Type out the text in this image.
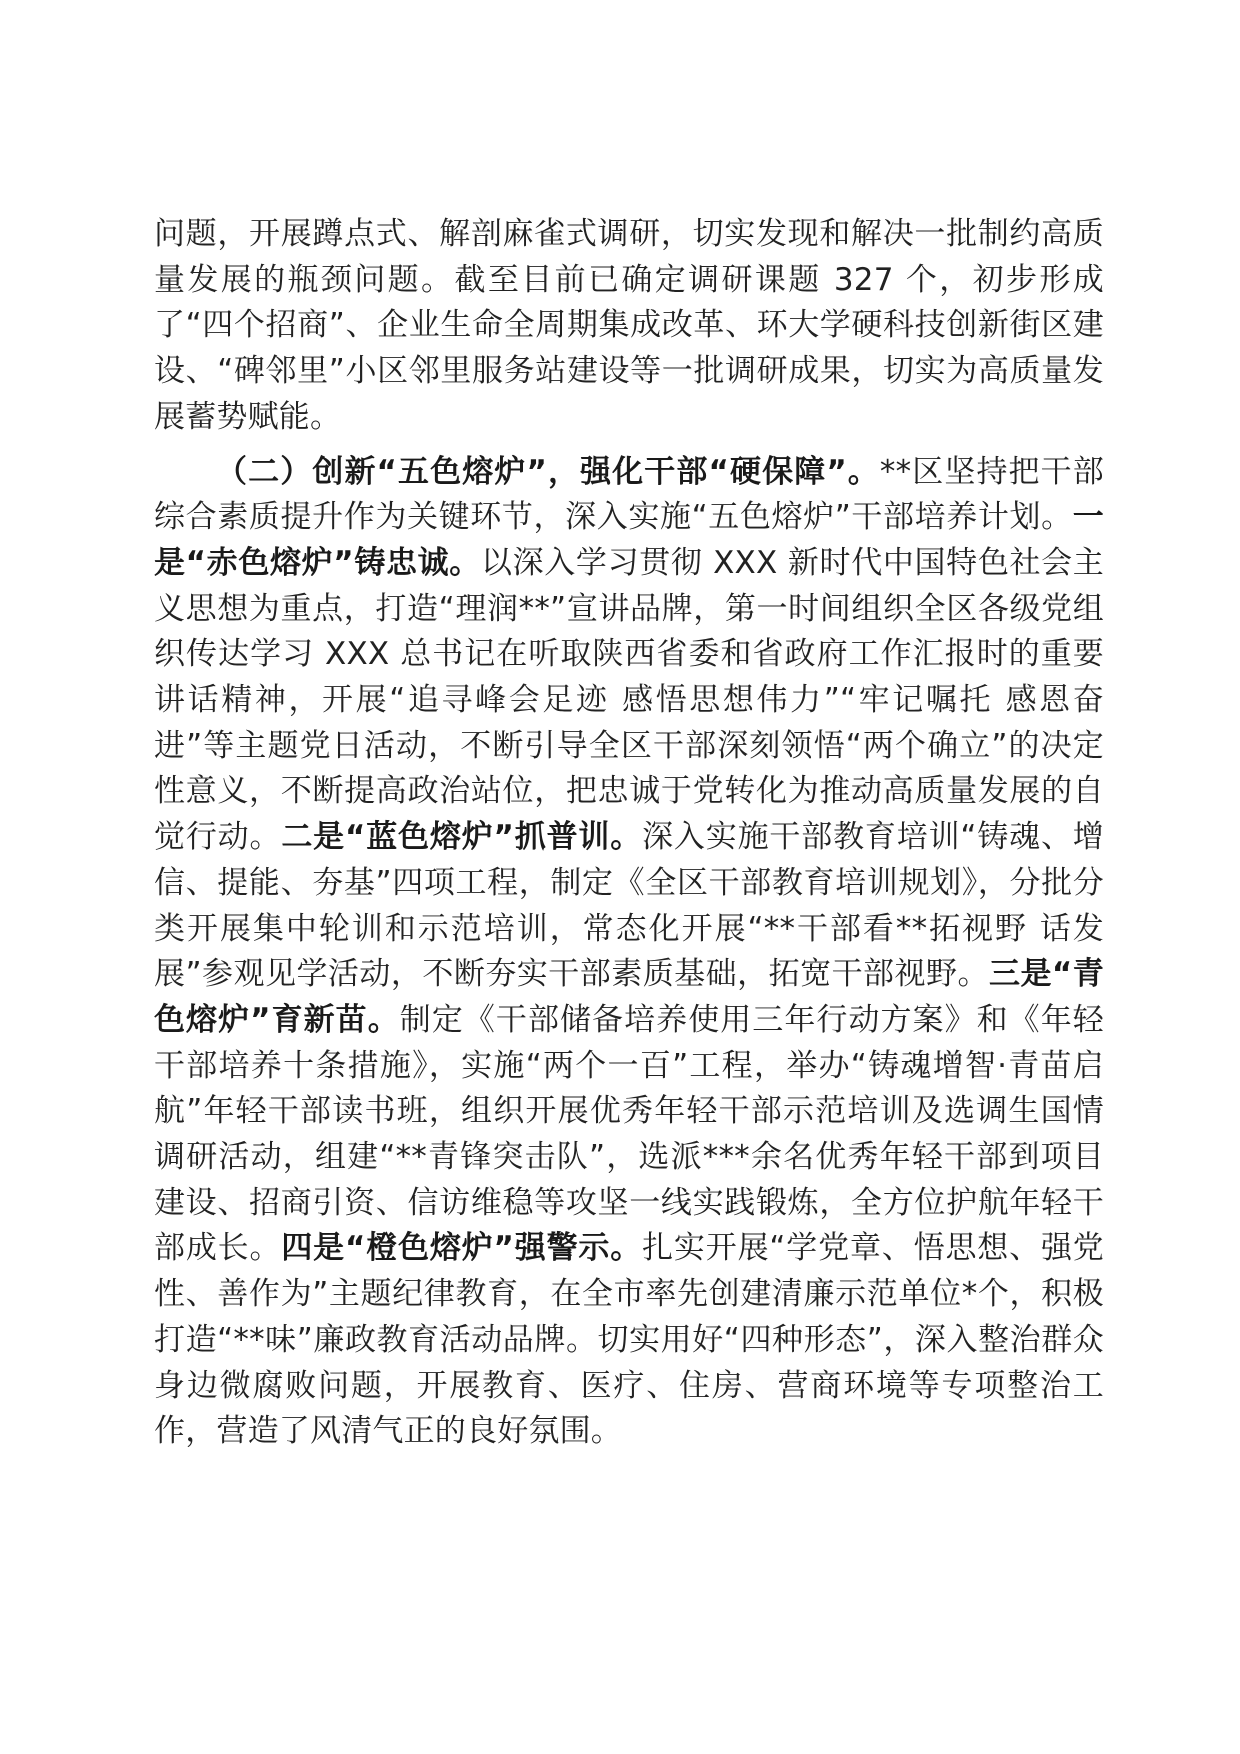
问题，开展蹲点式、解剖麻雀式调研，切实发现和解决一批制约高质量发展的瓶颈问题。截至目前已确定调研课题 327 个，初步形成了“四个招商”、企业生命全周期集成改革、环大学硬科技创新街区建设、“碑邻里”小区邻里服务站建设等一批调研成果，切实为高质量发展蓄势赋能。

（二）创新“五色熔炉”，强化干部“硬保障”。**区坚持把干部综合素质提升作为关键环节，深入实施“五色熔炉”干部培养计划。一是“赤色熔炉”铸忠诚。以深入学习贯彻 XXX 新时代中国特色社会主义思想为重点，打造“理润**”宣讲品牌，第一时间组织全区各级党组织传达学习 XXX 总书记在听取陕西省委和省政府工作汇报时的重要讲话精神，开展“追寻峰会足迹 感悟思想伟力”“牢记嘱托 感恩奋进”等主题党日活动，不断引导全区干部深刻领悟“两个确立”的决定性意义，不断提高政治站位，把忠诚于党转化为推动高质量发展的自觉行动。二是“蓝色熔炉”抓普训。深入实施干部教育培训“铸魂、增信、提能、夯基”四项工程，制定《全区干部教育培训规划》，分批分类开展集中轮训和示范培训，常态化开展“**干部看**拓视野 话发展”参观见学活动，不断夯实干部素质基础，拓宽干部视野。三是“青色熔炉”育新苗。制定《干部储备培养使用三年行动方案》和《年轻干部培养十条措施》，实施“两个一百”工程，举办“铸魂增智·青苗启航”年轻干部读书班，组织开展优秀年轻干部示范培训及选调生国情调研活动，组建“**青锋突击队”，选派***余名优秀年轻干部到项目建设、招商引资、信访维稳等攻坚一线实践锻炼，全方位护航年轻干部成长。四是“橙色熔炉”强警示。扎实开展“学党章、悟思想、强党性、善作为”主题纪律教育，在全市率先创建清廉示范单位*个，积极打造“**味”廉政教育活动品牌。切实用好“四种形态”，深入整治群众身边微腐败问题，开展教育、医疗、住房、营商环境等专项整治工作，营造了风清气正的良好氛围。
